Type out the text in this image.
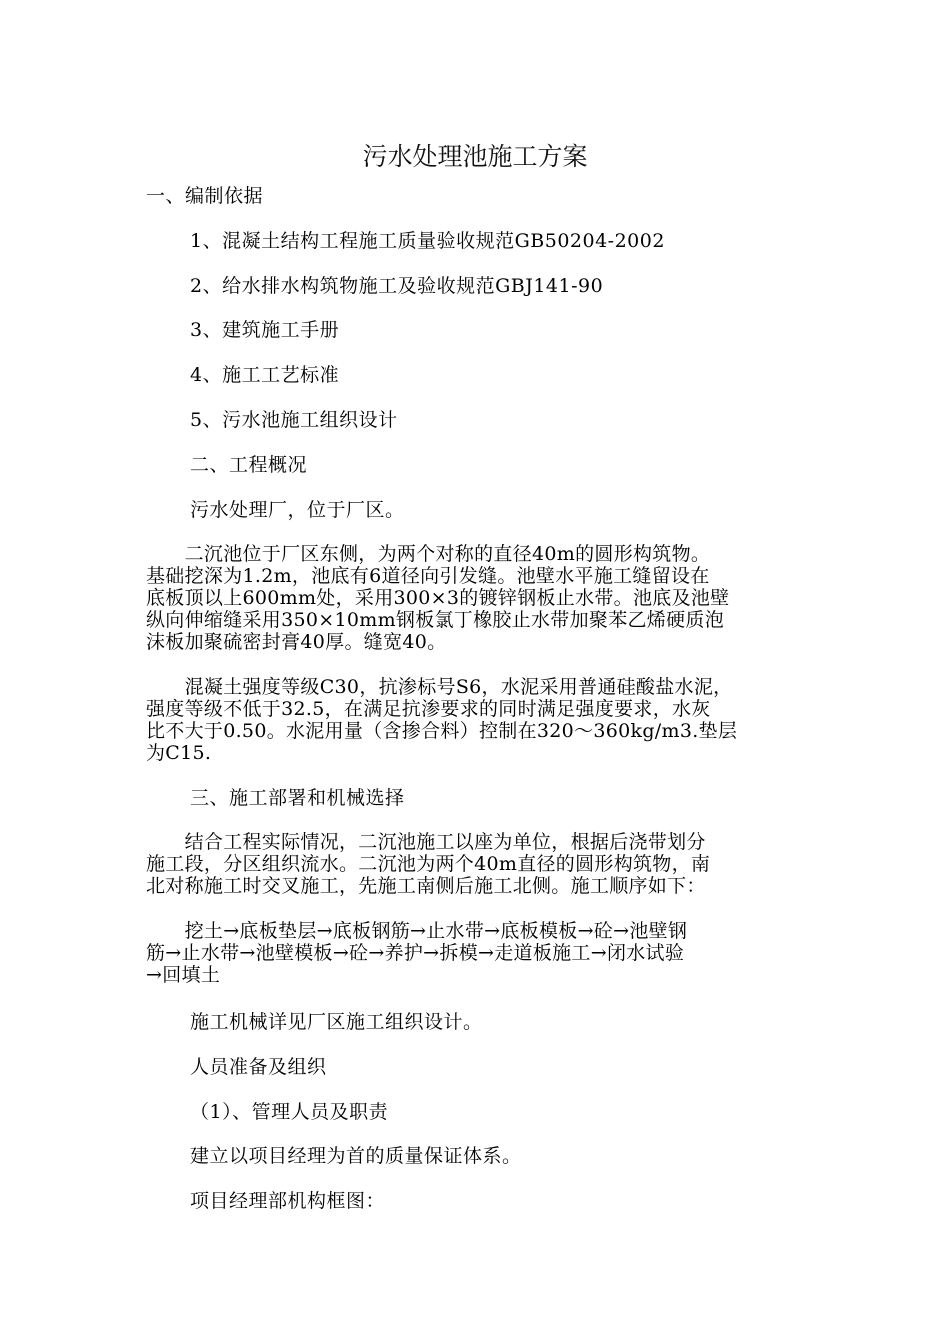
污水处理池施工方案
一、编制依据
1、混凝土结构工程施工质量验收规范GB50204-2002
2、给水排水构筑物施工及验收规范GBJ141-90
3、建筑施工手册
4、施工工艺标准
5、污水池施工组织设计
二、工程概况
污水处理厂，位于厂区。

　　二沉池位于厂区东侧，为两个对称的直径40m的圆形构筑物。

基础挖深为1.2m，池底有6道径向引发缝。池壁水平施工缝留设在

底板顶以上600mm处，采用300×3的镀锌钢板止水带。池底及池壁

纵向伸缩缝采用350×10mm钢板氯丁橡胶止水带加聚苯乙烯硬质泡

沫板加聚硫密封膏40厚。缝宽40。

　　混凝土强度等级C30，抗渗标号S6，水泥采用普通硅酸盐水泥，

强度等级不低于32.5，在满足抗渗要求的同时满足强度要求，水灰

比不大于0.50。水泥用量（含掺合料）控制在320～360kg/m3.垫层

为C15.

三、施工部署和机械选择

　　结合工程实际情况，二沉池施工以座为单位，根据后浇带划分

施工段，分区组织流水。二沉池为两个40m直径的圆形构筑物，南

北对称施工时交叉施工，先施工南侧后施工北侧。施工顺序如下：

　　挖土→底板垫层→底板钢筋→止水带→底板模板→砼→池壁钢

筋→止水带→池壁模板→砼→养护→拆模→走道板施工→闭水试验

→回填土

施工机械详见厂区施工组织设计。
人员准备及组织
（1）、管理人员及职责
建立以项目经理为首的质量保证体系。
项目经理部机构框图：
